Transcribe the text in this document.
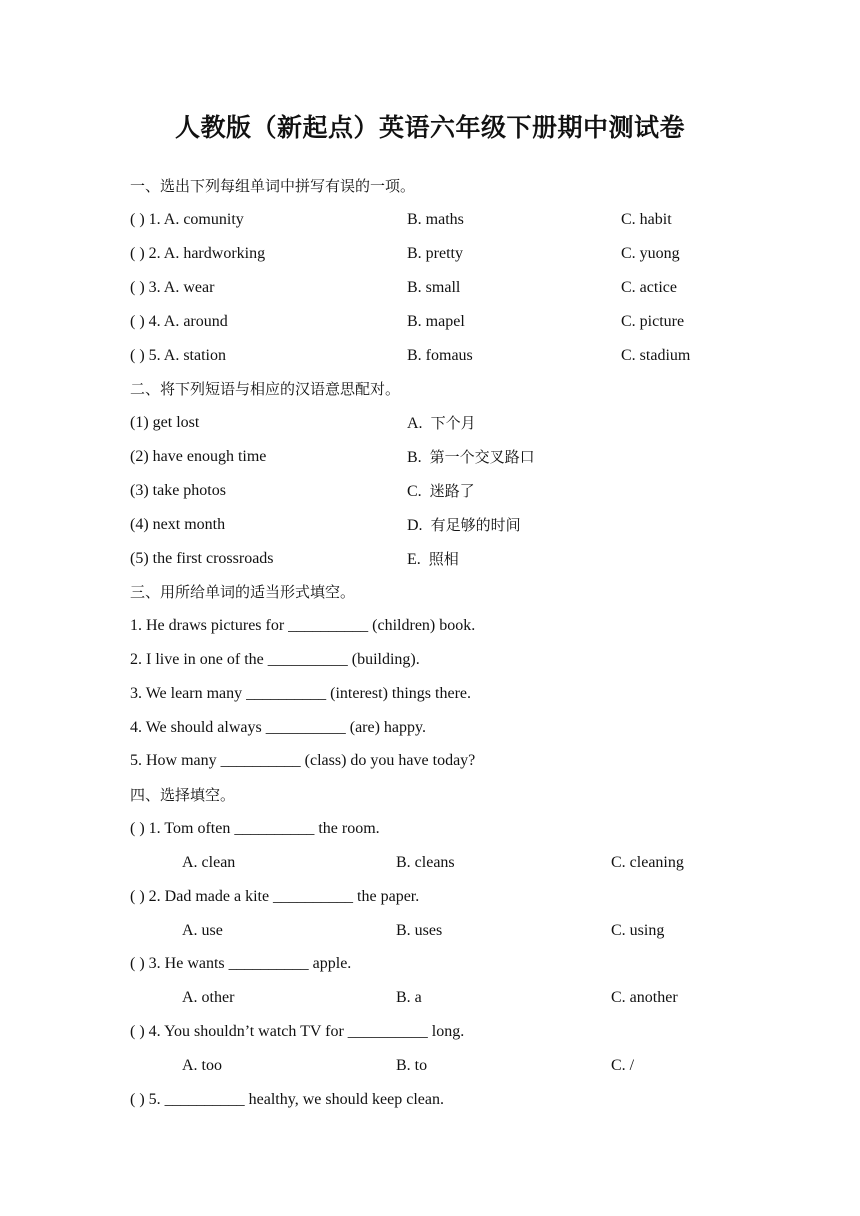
人教版（新起点）英语六年级下册期中测试卷
一、选出下列每组单词中拼写有误的一项。
( ) 1. A. comunity	B. maths	C. habit
( ) 2. A. hardworking	B. pretty	C. yuong
( ) 3. A. wear	B. small	C. actice
( ) 4. A. around	B. mapel	C. picture
( ) 5. A. station	B. fomaus	C. stadium
二、将下列短语与相应的汉语意思配对。
(1) get lost	A. 下个月
(2) have enough time	B. 第一个交叉路口
(3) take photos	C. 迷路了
(4) next month	D. 有足够的时间
(5) the first crossroads	E. 照相
三、用所给单词的适当形式填空。
1. He draws pictures for __________ (children) book.
2. I live in one of the __________ (building).
3. We learn many __________ (interest) things there.
4. We should always __________ (are) happy.
5. How many __________ (class) do you have today?
四、选择填空。
( ) 1. Tom often __________ the room.
A. clean	B. cleans	C. cleaning
( ) 2. Dad made a kite __________ the paper.
A. use	B. uses	C. using
( ) 3. He wants __________ apple.
A. other	B. a	C. another
( ) 4. You shouldn’t watch TV for __________ long.
A. too	B. to	C. /
( ) 5. __________ healthy, we should keep clean.
